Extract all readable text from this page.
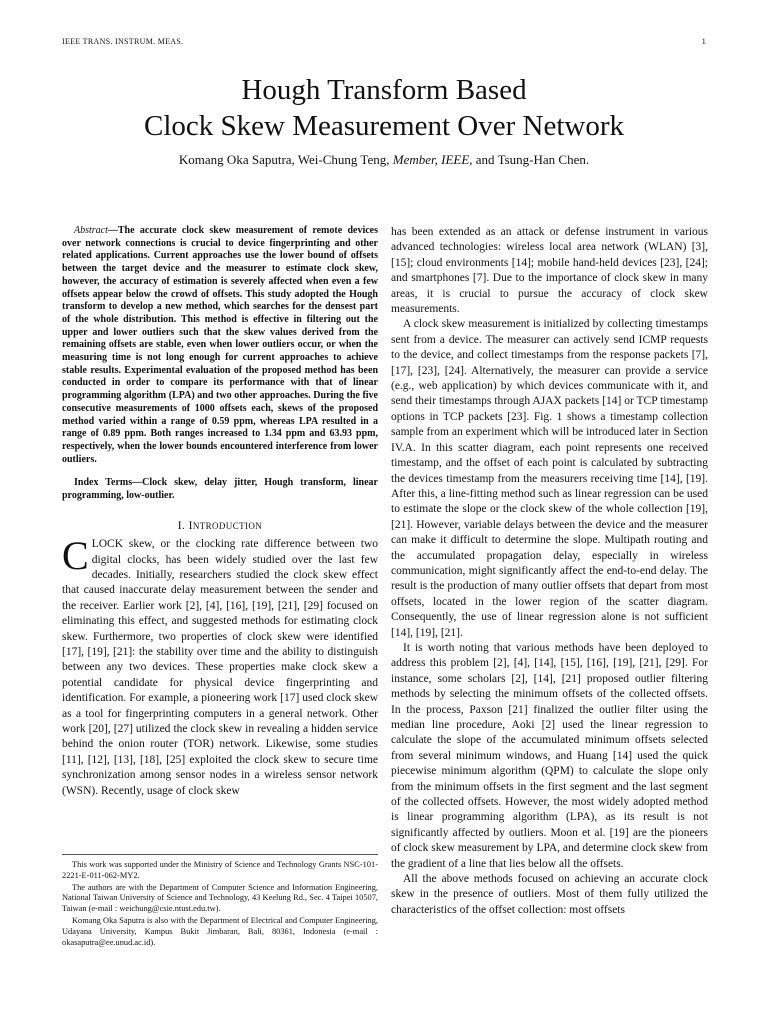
IEEE TRANS. INSTRUM. MEAS.	1
Hough Transform Based
Clock Skew Measurement Over Network
Komang Oka Saputra, Wei-Chung Teng, Member, IEEE, and Tsung-Han Chen.

Abstract—The accurate clock skew measurement of remote devices over network connections is crucial to device fingerprinting and other related applications. Current approaches use the lower bound of offsets between the target device and the measurer to estimate clock skew, however, the accuracy of estimation is severely affected when even a few offsets appear below the crowd of offsets. This study adopted the Hough transform to develop a new method, which searches for the densest part of the whole distribution. This method is effective in filtering out the upper and lower outliers such that the skew values derived from the remaining offsets are stable, even when lower outliers occur, or when the measuring time is not long enough for current approaches to achieve stable results. Experimental evaluation of the proposed method has been conducted in order to compare its performance with that of linear programming algorithm (LPA) and two other approaches. During the five consecutive measurements of 1000 offsets each, skews of the proposed method varied within a range of 0.59 ppm, whereas LPA resulted in a range of 0.89 ppm. Both ranges increased to 1.34 ppm and 63.93 ppm, respectively, when the lower bounds encountered interference from lower outliers.

Index Terms—Clock skew, delay jitter, Hough transform, linear programming, low-outlier.

I. INTRODUCTION

CLOCK skew, or the clocking rate difference between two digital clocks, has been widely studied over the last few decades. Initially, researchers studied the clock skew effect that caused inaccurate delay measurement between the sender and the receiver. Earlier work [2], [4], [16], [19], [21], [29] focused on eliminating this effect, and suggested methods for estimating clock skew. Furthermore, two properties of clock skew were identified [17], [19], [21]: the stability over time and the ability to distinguish between any two devices. These properties make clock skew a potential candidate for physical device fingerprinting and identification. For example, a pioneering work [17] used clock skew as a tool for fingerprinting computers in a general network. Other work [20], [27] utilized the clock skew in revealing a hidden service behind the onion router (TOR) network. Likewise, some studies [11], [12], [13], [18], [25] exploited the clock skew to secure time synchronization among sensor nodes in a wireless sensor network (WSN). Recently, usage of clock skew

This work was supported under the Ministry of Science and Technology Grants NSC-101-2221-E-011-062-MY2.

The authors are with the Department of Computer Science and Information Engineering, National Taiwan University of Science and Technology, 43 Keelung Rd., Sec. 4 Taipei 10507, Taiwan (e-mail : weichung@csie.ntust.edu.tw).

Komang Oka Saputra is also with the Department of Electrical and Computer Engineering, Udayana University, Kampus Bukit Jimbaran, Bali, 80361, Indonesia (e-mail : okasaputra@ee.unud.ac.id).

has been extended as an attack or defense instrument in various advanced technologies: wireless local area network (WLAN) [3], [15]; cloud environments [14]; mobile hand-held devices [23], [24]; and smartphones [7]. Due to the importance of clock skew in many areas, it is crucial to pursue the accuracy of clock skew measurements.

A clock skew measurement is initialized by collecting timestamps sent from a device. The measurer can actively send ICMP requests to the device, and collect timestamps from the response packets [7], [17], [23], [24]. Alternatively, the measurer can provide a service (e.g., web application) by which devices communicate with it, and send their timestamps through AJAX packets [14] or TCP timestamp options in TCP packets [23]. Fig. 1 shows a timestamp collection sample from an experiment which will be introduced later in Section IV.A. In this scatter diagram, each point represents one received timestamp, and the offset of each point is calculated by subtracting the devices timestamp from the measurers receiving time [14], [19]. After this, a line-fitting method such as linear regression can be used to estimate the slope or the clock skew of the whole collection [19], [21]. However, variable delays between the device and the measurer can make it difficult to determine the slope. Multipath routing and the accumulated propagation delay, especially in wireless communication, might significantly affect the end-to-end delay. The result is the production of many outlier offsets that depart from most offsets, located in the lower region of the scatter diagram. Consequently, the use of linear regression alone is not sufficient [14], [19], [21].

It is worth noting that various methods have been deployed to address this problem [2], [4], [14], [15], [16], [19], [21], [29]. For instance, some scholars [2], [14], [21] proposed outlier filtering methods by selecting the minimum offsets of the collected offsets. In the process, Paxson [21] finalized the outlier filter using the median line procedure, Aoki [2] used the linear regression to calculate the slope of the accumulated minimum offsets selected from several minimum windows, and Huang [14] used the quick piecewise minimum algorithm (QPM) to calculate the slope only from the minimum offsets in the first segment and the last segment of the collected offsets. However, the most widely adopted method is linear programming algorithm (LPA), as its result is not significantly affected by outliers. Moon et al. [19] are the pioneers of clock skew measurement by LPA, and determine clock skew from the gradient of a line that lies below all the offsets.

All the above methods focused on achieving an accurate clock skew in the presence of outliers. Most of them fully utilized the characteristics of the offset collection: most offsets
